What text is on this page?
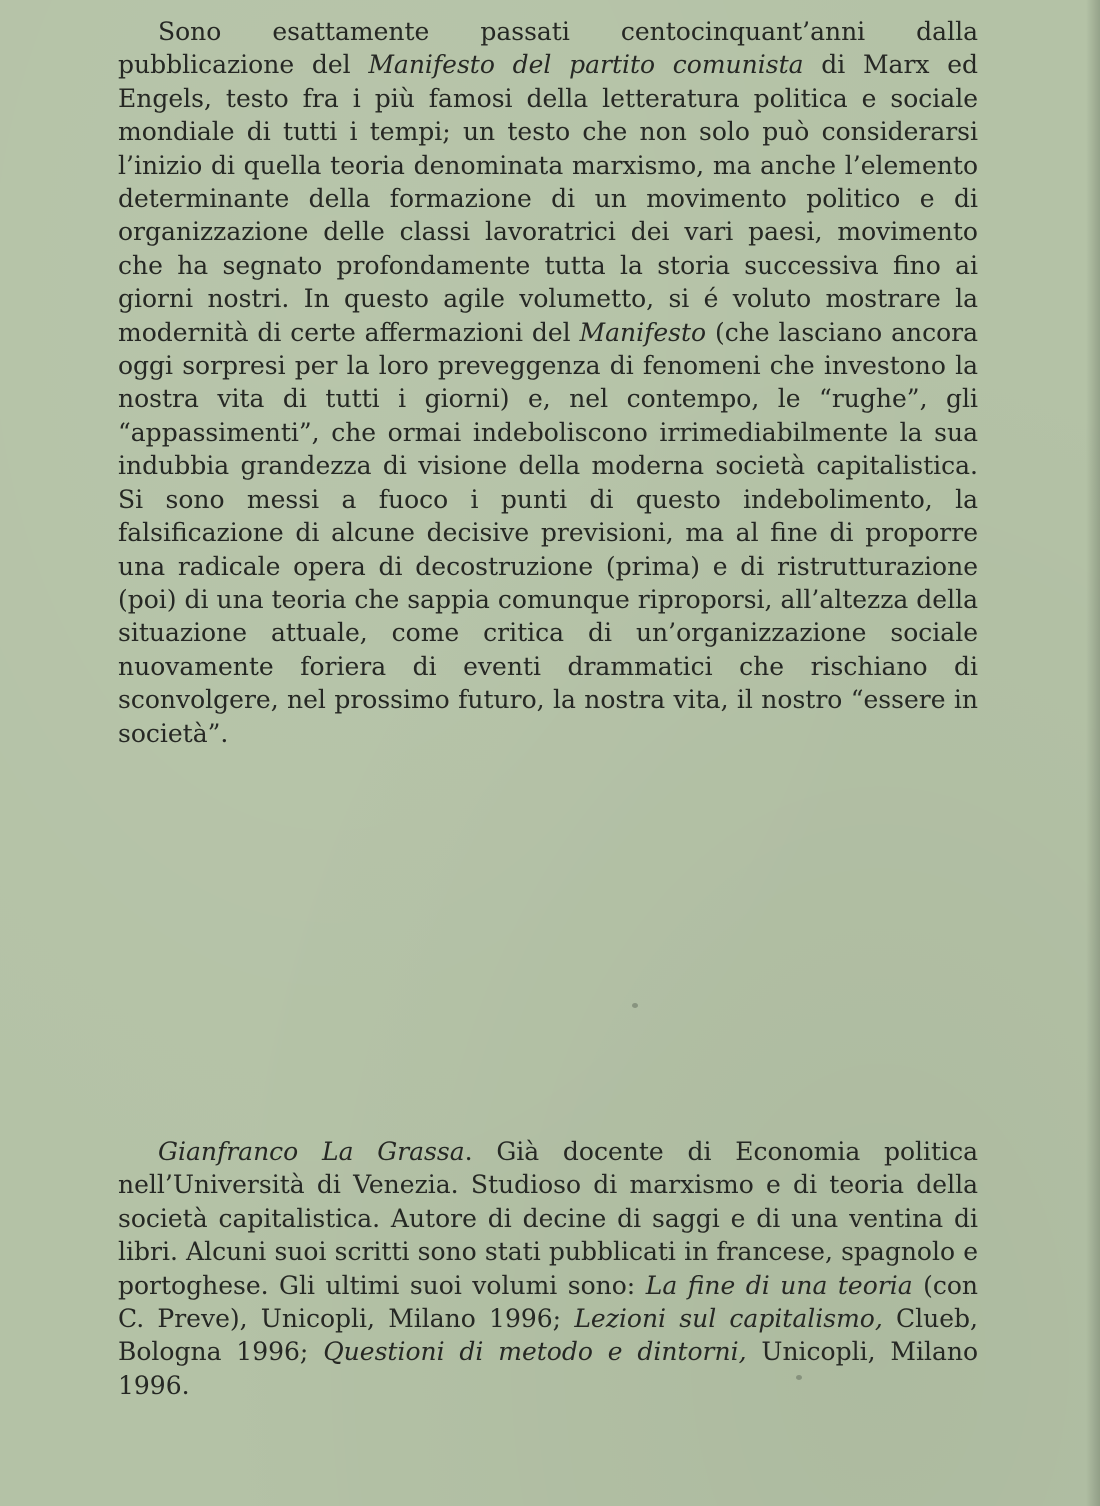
Sono esattamente passati centocinquant’anni dalla pubblicazione del Manifesto del partito comunista di Marx ed Engels, testo fra i più famosi della letteratura politica e sociale mondiale di tutti i tempi; un testo che non solo può considerarsi l’inizio di quella teoria denominata marxismo, ma anche l’elemento determinante della formazione di un movimento politico e di organizzazione delle classi lavoratrici dei vari paesi, movimento che ha segnato profondamente tutta la storia successiva fino ai giorni nostri. In questo agile volumetto, si é voluto mostrare la modernità di certe affermazioni del Manifesto (che lasciano ancora oggi sorpresi per la loro preveggenza di fenomeni che investono la nostra vita di tutti i giorni) e, nel contempo, le “rughe”, gli “appassimenti”, che ormai indeboliscono irrimediabilmente la sua indubbia grandezza di visione della moderna società capitalistica. Si sono messi a fuoco i punti di questo indebolimento, la falsificazione di alcune decisive previsioni, ma al fine di proporre una radicale opera di decostruzione (prima) e di ristrutturazione (poi) di una teoria che sappia comunque riproporsi, all’altezza della situazione attuale, come critica di un’organizzazione sociale nuovamente foriera di eventi drammatici che rischiano di sconvolgere, nel prossimo futuro, la nostra vita, il nostro “essere in società”.

Gianfranco La Grassa. Già docente di Economia politica nell’Università di Venezia. Studioso di marxismo e di teoria della società capitalistica. Autore di decine di saggi e di una ventina di libri. Alcuni suoi scritti sono stati pubblicati in francese, spagnolo e portoghese. Gli ultimi suoi volumi sono: La fine di una teoria (con C. Preve), Unicopli, Milano 1996; Lezioni sul capitalismo, Clueb, Bologna 1996; Questioni di metodo e dintorni, Unicopli, Milano 1996.
